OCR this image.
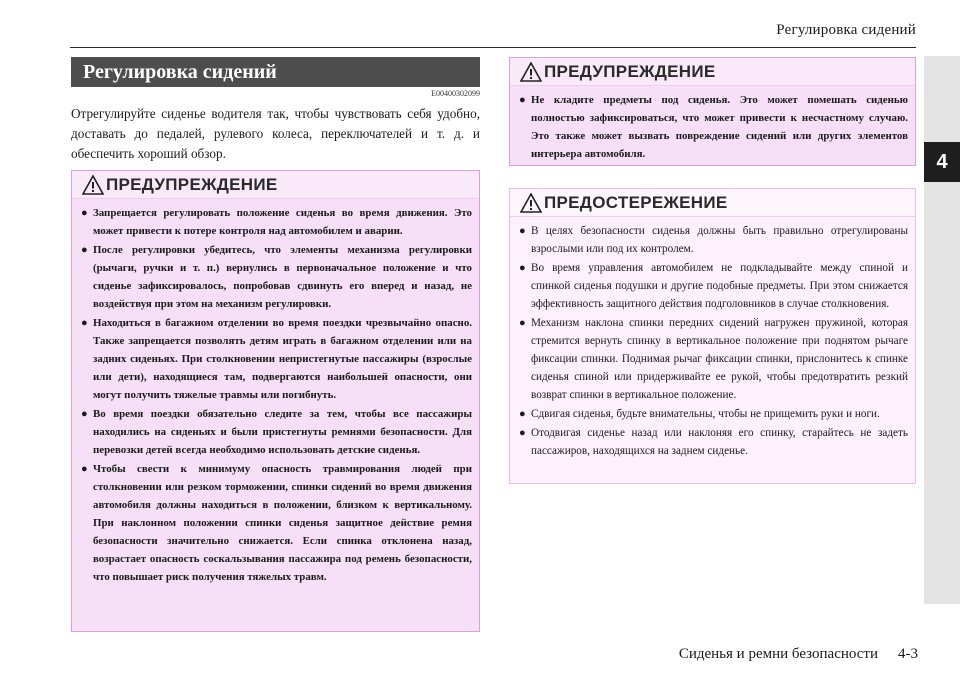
Регулировка сидений
4
Регулировка сидений
E00400302099
Отрегулируйте сиденье водителя так, чтобы чувствовать себя удобно, доставать до педалей, рулевого колеса, переключателей и т. д. и обеспечить хороший обзор.
ПРЕДУПРЕЖДЕНИЕ
● Запрещается регулировать положение сиденья во время движения. Это может привести к потере контроля над автомобилем и аварии.
● После регулировки убедитесь, что элементы механизма регулировки (рычаги, ручки и т. п.) вернулись в первоначальное положение и что сиденье зафиксировалось, попробовав сдвинуть его вперед и назад, не воздействуя при этом на механизм регулировки.
● Находиться в багажном отделении во время поездки чрезвычайно опасно. Также запрещается позволять детям играть в багажном отделении или на задних сиденьях. При столкновении непристегнутые пассажиры (взрослые или дети), находящиеся там, подвергаются наибольшей опасности, они могут получить тяжелые травмы или погибнуть.
● Во время поездки обязательно следите за тем, чтобы все пассажиры находились на сиденьях и были пристегнуты ремнями безопасности. Для перевозки детей всегда необходимо использовать детские сиденья.
● Чтобы свести к минимуму опасность травмирования людей при столкновении или резком торможении, спинки сидений во время движения автомобиля должны находиться в положении, близком к вертикальному. При наклонном положении спинки сиденья защитное действие ремня безопасности значительно снижается. Если спинка отклонена назад, возрастает опасность соскальзывания пассажира под ремень безопасности, что повышает риск получения тяжелых травм.
ПРЕДУПРЕЖДЕНИЕ
● Не кладите предметы под сиденья. Это может помешать сиденью полностью зафиксироваться, что может привести к несчастному случаю. Это также может вызвать повреждение сидений или других элементов интерьера автомобиля.
ПРЕДОСТЕРЕЖЕНИЕ
● В целях безопасности сиденья должны быть правильно отрегулированы взрослыми или под их контролем.
● Во время управления автомобилем не подкладывайте между спиной и спинкой сиденья подушки и другие подобные предметы. При этом снижается эффективность защитного действия подголовников в случае столкновения.
● Механизм наклона спинки передних сидений нагружен пружиной, которая стремится вернуть спинку в вертикальное положение при поднятом рычаге фиксации спинки. Поднимая рычаг фиксации спинки, прислонитесь к спинке сиденья спиной или придерживайте ее рукой, чтобы предотвратить резкий возврат спинки в вертикальное положение.
● Сдвигая сиденья, будьте внимательны, чтобы не прищемить руки и ноги.
● Отодвигая сиденье назад или наклоняя его спинку, старайтесь не задеть пассажиров, находящихся на заднем сиденье.
Сиденья и ремни безопасности 4-3
